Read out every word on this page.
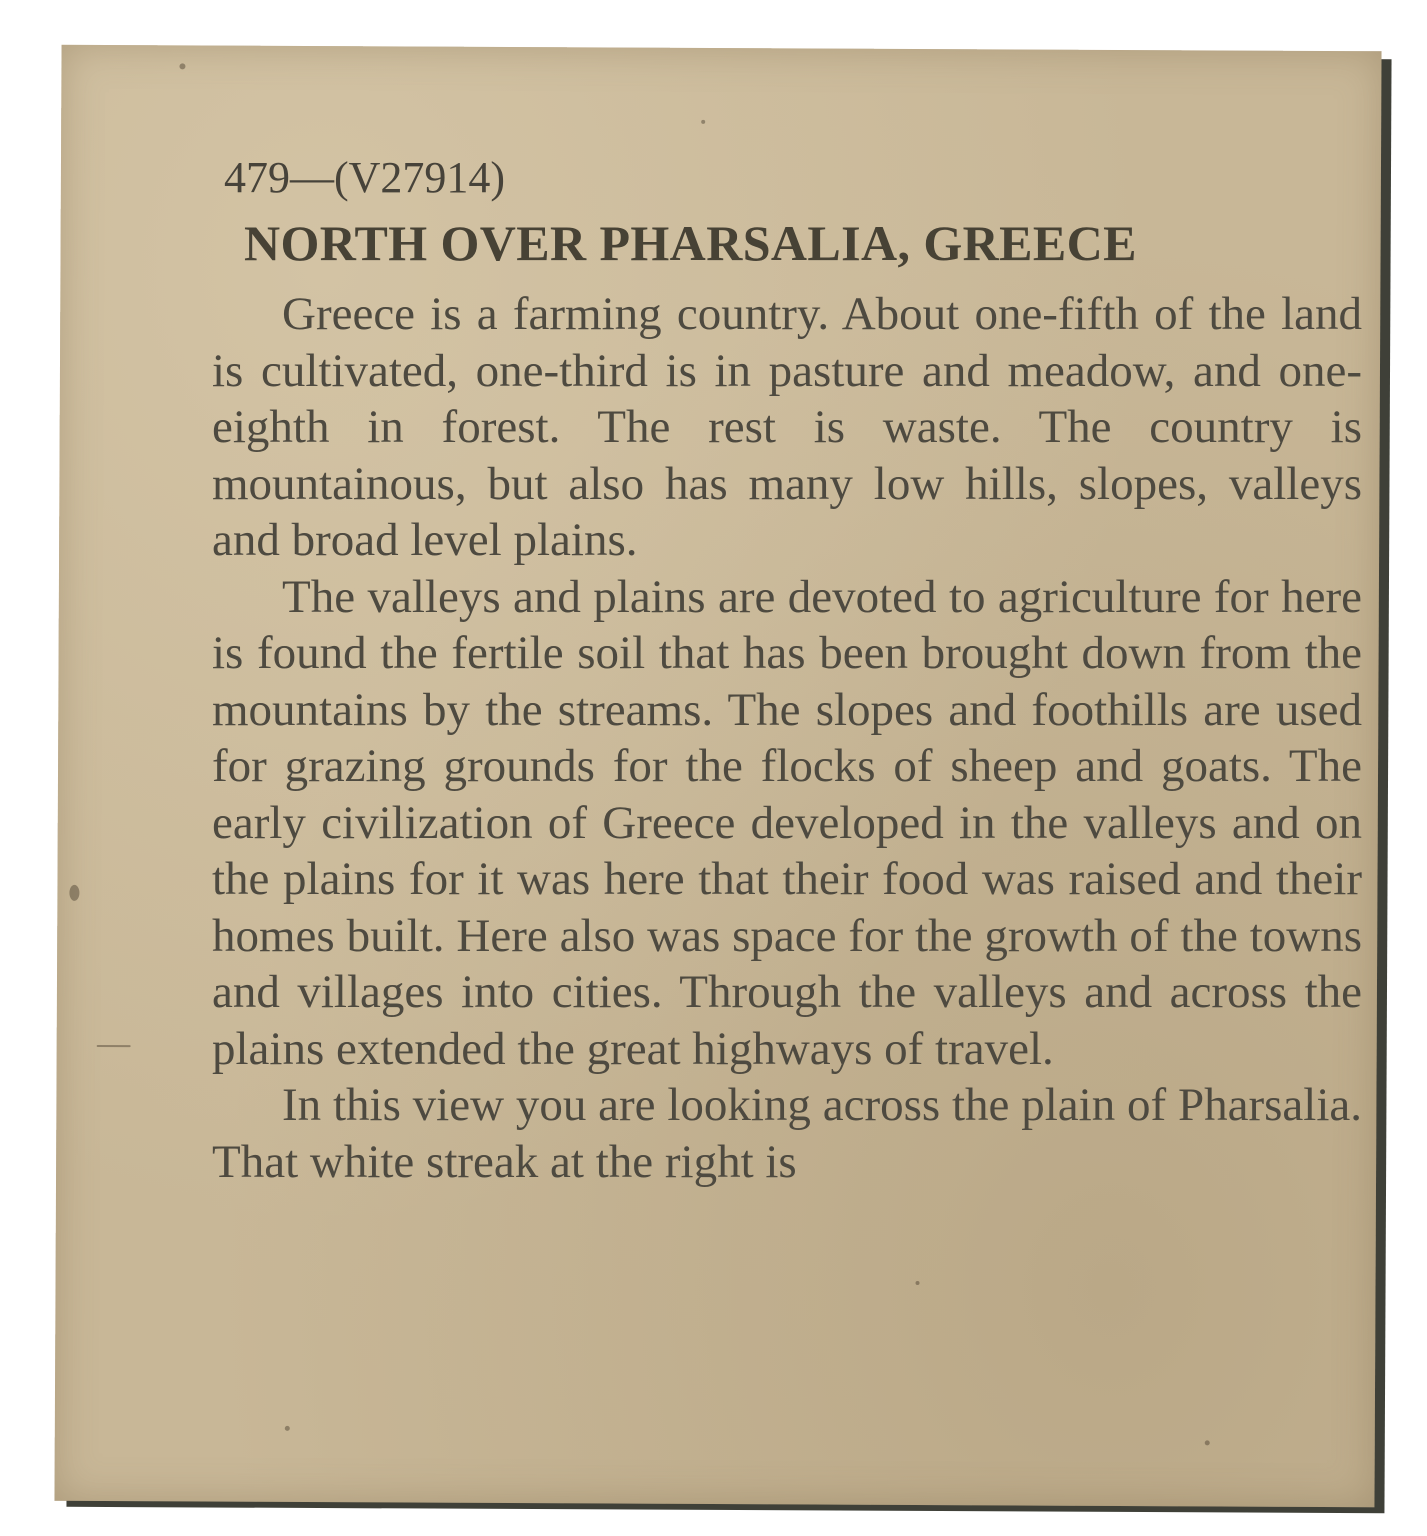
479—(V27914)

NORTH OVER PHARSALIA, GREECE

Greece is a farming country. About one-fifth of the land is cultivated, one-third is in pasture and meadow, and one-eighth in forest. The rest is waste. The country is mountainous, but also has many low hills, slopes, valleys and broad level plains.

The valleys and plains are devoted to agriculture for here is found the fertile soil that has been brought down from the mountains by the streams. The slopes and foothills are used for grazing grounds for the flocks of sheep and goats. The early civilization of Greece developed in the valleys and on the plains for it was here that their food was raised and their homes built. Here also was space for the growth of the towns and villages into cities. Through the valleys and across the plains extended the great highways of travel.

In this view you are looking across the plain of Pharsalia. That white streak at the right is
